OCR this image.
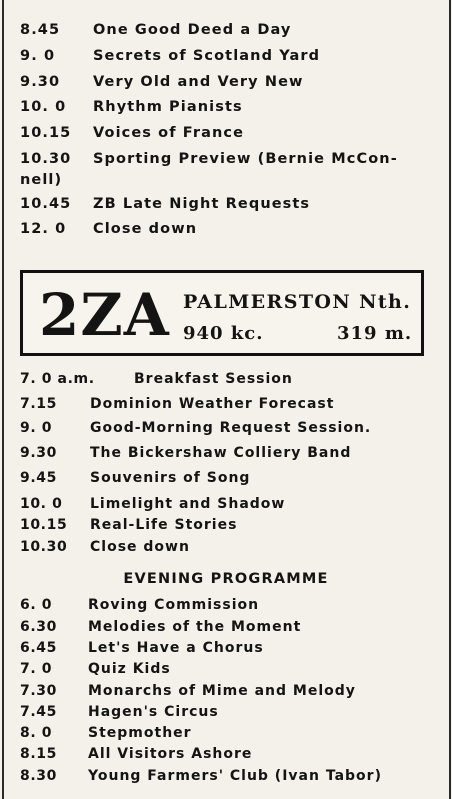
8.45 One Good Deed a Day
9. 0	Secrets of Scotland Yard
9.30 Very Old and Very New
10. 0 Rhythm Pianists
10.15 Voices of France
10.30 Sporting Preview (Bernie McCon-
nell)
10.45 ZB Late Night Requests
12. 0 Close down
2ZA PALMERSTON Nth.
940 kc.	319 m.
7. 0 a.m.	Breakfast Session
7.15 Dominion Weather Forecast
9. 0	Good-Morning Request Session.
9.30 The Bickershaw Colliery Band
9.45 Souvenirs of Song
10. 0 Limelight and Shadow
10.15 Real-Life Stories
10.30 Close down
EVENING PROGRAMME
6. 0	Roving Commission
6.30 Melodies of the Moment
6.45 Let's Have a Chorus
7. 0	Quiz Kids
7.30 Monarchs of Mime and Melody
7.45 Hagen's Circus
8. 0	Stepmother
8.15 All Visitors Ashore
8.30 Young Farmers' Club (Ivan Tabor)
